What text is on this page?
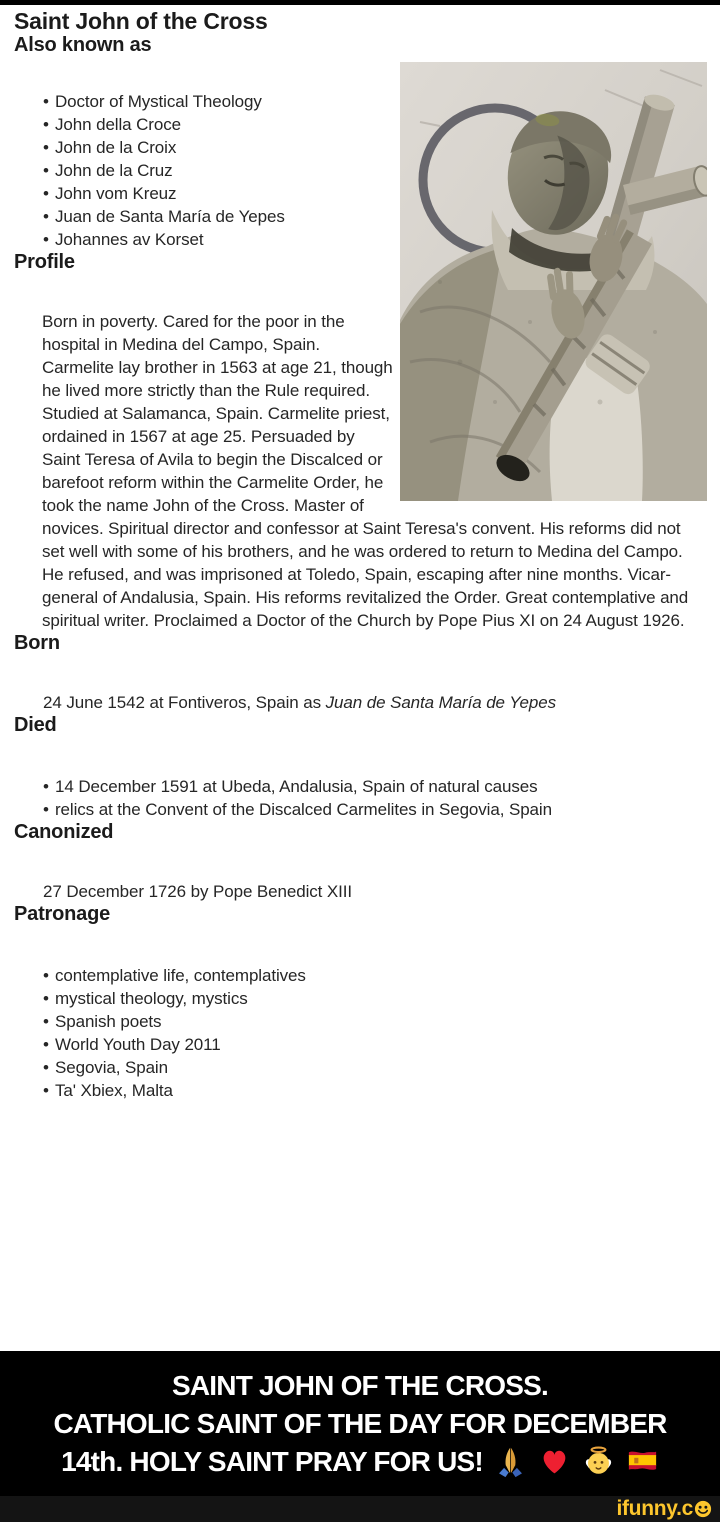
Saint John of the Cross
Also known as
• Doctor of Mystical Theology
• John della Croce
• John de la Croix
• John de la Cruz
• John vom Kreuz
• Juan de Santa María de Yepes
• Johannes av Korset
Profile

Born in poverty. Cared for the poor in the hospital in Medina del Campo, Spain. Carmelite lay brother in 1563 at age 21, though he lived more strictly than the Rule required. Studied at Salamanca, Spain. Carmelite priest, ordained in 1567 at age 25. Persuaded by Saint Teresa of Avila to begin the Discalced or barefoot reform within the Carmelite Order, he took the name John of the Cross. Master of novices. Spiritual director and confessor at Saint Teresa's convent. His reforms did not set well with some of his brothers, and he was ordered to return to Medina del Campo. He refused, and was imprisoned at Toledo, Spain, escaping after nine months. Vicar-general of Andalusia, Spain. His reforms revitalized the Order. Great contemplative and spiritual writer. Proclaimed a Doctor of the Church by Pope Pius XI on 24 August 1926.

Born

24 June 1542 at Fontiveros, Spain as Juan de Santa María de Yepes

Died
• 14 December 1591 at Ubeda, Andalusia, Spain of natural causes
• relics at the Convent of the Discalced Carmelites in Segovia, Spain
Canonized

27 December 1726 by Pope Benedict XIII

Patronage
• contemplative life, contemplatives
• mystical theology, mystics
• Spanish poets
• World Youth Day 2011
• Segovia, Spain
• Ta' Xbiex, Malta
SAINT JOHN OF THE CROSS.
CATHOLIC SAINT OF THE DAY FOR DECEMBER
14th. HOLY SAINT PRAY FOR US!
ifunny.c
